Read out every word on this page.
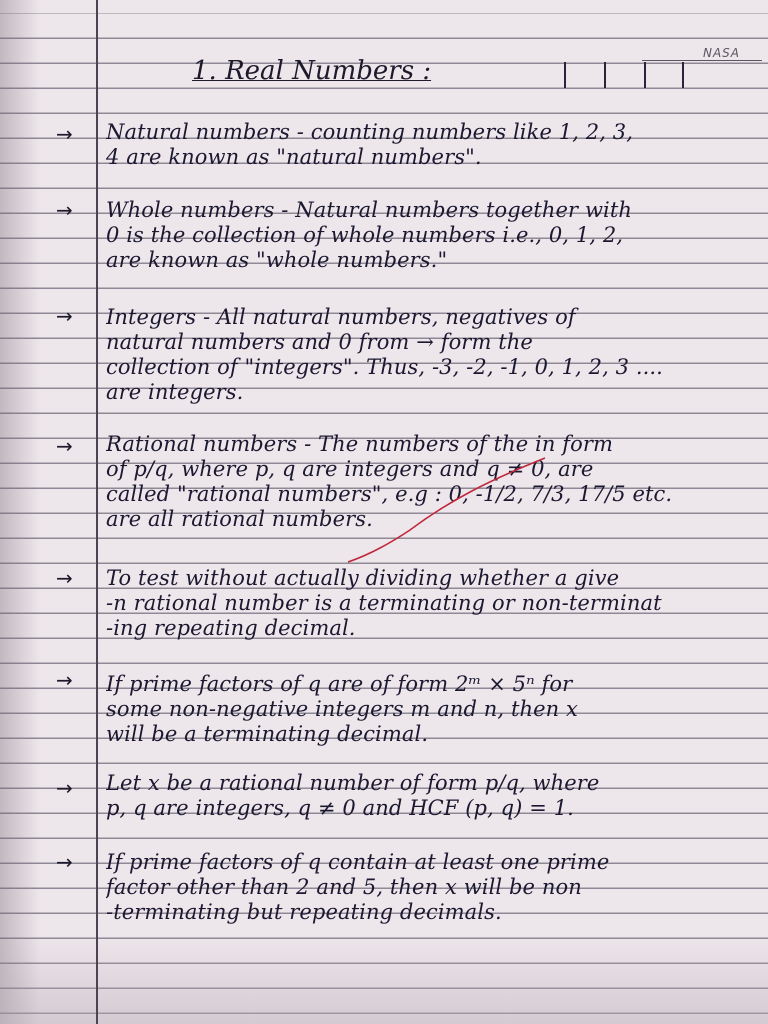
NASA
1. Real Numbers :
→ Natural numbers - counting numbers like 1, 2, 3,
4 are known as "natural numbers".
→ Whole numbers - Natural numbers together with
0 is the collection of whole numbers i.e., 0, 1, 2,
are known as "whole numbers."
→ Integers - All natural numbers, negatives of
natural numbers and 0 from → form the
collection of "integers". Thus, -3, -2, -1, 0, 1, 2, 3 ....
are integers.
→ Rational numbers - The numbers of the in form
of p/q, where p, q are integers and q ≠ 0, are
called "rational numbers", e.g : 0, -1/2, 7/3, 17/5 etc.
are all rational numbers.
→ To test without actually dividing whether a give
-n rational number is a terminating or non-terminat
-ing repeating decimal.
→ If prime factors of q are of form 2ᵐ × 5ⁿ for
some non-negative integers m and n, then x
will be a terminating decimal.
→ Let x be a rational number of form p/q, where
p, q are integers, q ≠ 0 and HCF (p, q) = 1.
→ If prime factors of q contain at least one prime
factor other than 2 and 5, then x will be non
-terminating but repeating decimals.
